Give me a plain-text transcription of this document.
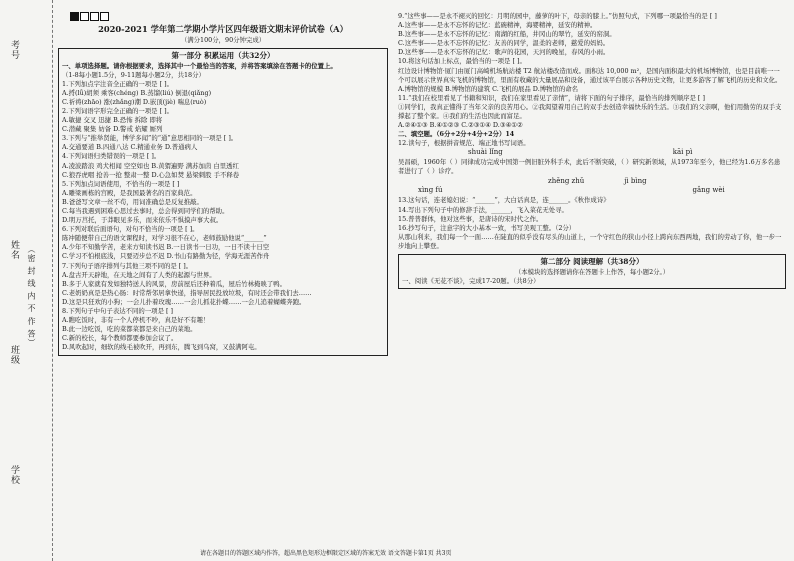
考号
姓名
班级
学校
（密 封 线 内 不 作 答）
2020-2021 学年第二学期小学片区四年级语文期末评价试卷（A）
（满分100分，90分钟完成）
第一部分 积累运用（共32分）
一、单项选择题。请你根据要求，选择其中一个最恰当的答案，并将答案填涂在答题卡的位置上。
（1-8每小题1.5分，9-11题每小题2分，共18分）
1.下列加点字注音全正确的一项是 [ ]。
A.捋(lǚ)胡须 乘客(chéng) B.蒸馏(liú) 倒退(qiǎng)
C.祈祷(zhāo) 涨(zhǎng)潮 D.嵌顶(jiè) 喘息(ruò)
2.下列词语字形完全正确的一项是 [ ]。
A.敏捷 交叉 迅捷 B.恐怖 拆除 即将
C.潜藏 聚集 妨备 D.警戒 焰耀 厮列
3.下列与“推举贤能，博学多闻”的“通”意思相同的一项是 [ ]。
A.交通要道 B.四通八达 C.精通业务 D.普通病人
4.下列词语归类错误的一项是 [ ]。
A.凌波踏浪 鸡犬相闻 空空如也 B.黄猬遍野 满苏加茵 白里透红
C.狼吞虎咽 抢善一抢 整肃一整 D.心急如焚 悬梁刺股 手不释卷
5.下列加点词语使用，不恰当的一项是 [ ]
A.雕梁画栋的宫殿，是我国最著名的百家典范。
B.爸爸写文章一丝不苟，用词准确总是反复推敲。
C.每当我遇到困难心思过去事时，总会得到同学们的帮助。
D.明万莒托，于莽眼见多乐，而来依乐不惧摸声事大叔。
6.下列对联后面语句，对句不恰当的一项是 [ ]。
陈冲随便带自己的语文课程时，对学习很不在心，老师鼓励他说“______”
A.少年不知勤学苦，老来方知读书迟 B.一日读书一日功，一日不读十日空
C.学习不怕根底浅，只要迈步总不迟 D.书山有路勤为径，学海无涯苦作舟
7.下列句子语序排列与其他三项不同的是 [ ]。
A.盘古开天辟地，在天地之间有了人类的起源与世界。
B.多于人家就有发如独特送人的风景，房前屋后还种着瓜，屋后竹林掩映了鸭。
C.老奶奶真是是热心肠：时常帮邻居拿快递，指导居民投放垃圾，有时还会带我们去……
D.这是只狂欢的小狗；一会儿扑着玫瑰……一会儿抓花扑蝶……一会儿追着蝴蝶奔跑。
8.下列句子中句子表达不同的一项是 [ ]
A.瞧吃饭时，非有一个人停机不吵，真是好不有趣！
B.此一边吃饭，吃的菜都菜都是来自己的菜地。
C.新的校长，每个教师都要参加会议了。
D.风吹起时，细软的线毛被吹开，再到东，腾飞到乌窝，又鼓满阿屯。
9.“这些事——是永不褪灭的回忆：月明的园中，藤萝的叶下，母亲的膝上。”仿照句式，下列哪一项最恰当的是 [ ]
A.这些事——是永不忘怀的记忆：蓝碗精神，海婴精神，延安的精神。
B.这些事——是永不忘怀的记忆：南湖的红船，井冈山的翠竹，延安的窑洞。
C.这些事——是永不忘怀的记忆：友善的同学，温柔的老师，慈爱的妈妈。
D.这些事——是永不忘怀的记忆：歌声的花园，天河的晚星，春风的小雨。
10.将这句话加上标点，最恰当的一项是 [ ]。
红边设计博物馆·厦门由厦门高崎机场航站楼 T2 航站楼改造而成。面积达 10,000 m²，是国内面积最大的机场博物馆，也是目前唯一一个可以展示世界真实飞机的博物馆，里面有收藏的大量展品和设备，通过该平台展示各种历史文物，让更多游客了解飞机的历史和文化。
A.博物馆的规模 B.博物馆的建筑 C.飞机的展品 D.博物馆的命名
11.“我们在校里看见了书籍和知识，我们在家里看见了亲情”，请将下面的句子排序，最恰当的排列顺序是 [ ]
①同学们，我真正懂得了当年父亲的良苦用心。②我渴望着用自己的双手去创造幸福快乐的生活。③我们的父亲啊，他们用勤劳的双手支撑起了整个家。④我们的生活也因此而富足。
A.②④①③ B.④①②③ C.②③①④ D.③④①②
二、填空题。（6分+2分+4分+2分）14
12.读句子，根据拼音规范、端正地书写词语。
shuài lǐng	kāi pì
吴昌硕，1960年（ ）同律成功完成中国第一例旧脏外科手术，此后不断突破，（ ）研究新领域，从1973年至今，他已经为1.6万多名患者进行了（ ）诊疗。
zhěng zhǔ	jì bìng
xìng fú	gǎng wèi
13.这句话，连老媳妇说：“______”，大白话真是，连______。《秋作成诗》
14.写出下列句子中的修辞手法，______，飞入菜花无处寻。
15.普普群体，他对这些事，是唐诗的宋时代之作。
16.抄写句子，注意字的大小基本一致，书写美观工整。（2分）
从那山利来，我们每一个一面……在陡直的似乎没有尽头的山道上，一个守红色的狭山小径上跨向东西两地，我们的劳动了你，他一步一步地向上攀登。
第二部分 阅读理解（共38分）
（本模块的选择题请你在答题卡上作答，每小题2分。）
一、阅读《无花不谈》，完成17-20题。（共8分）
请在各题目的答题区域内作答，超出黑色矩形边框限定区域的答案无效 语文答题卡第1页 共3页
